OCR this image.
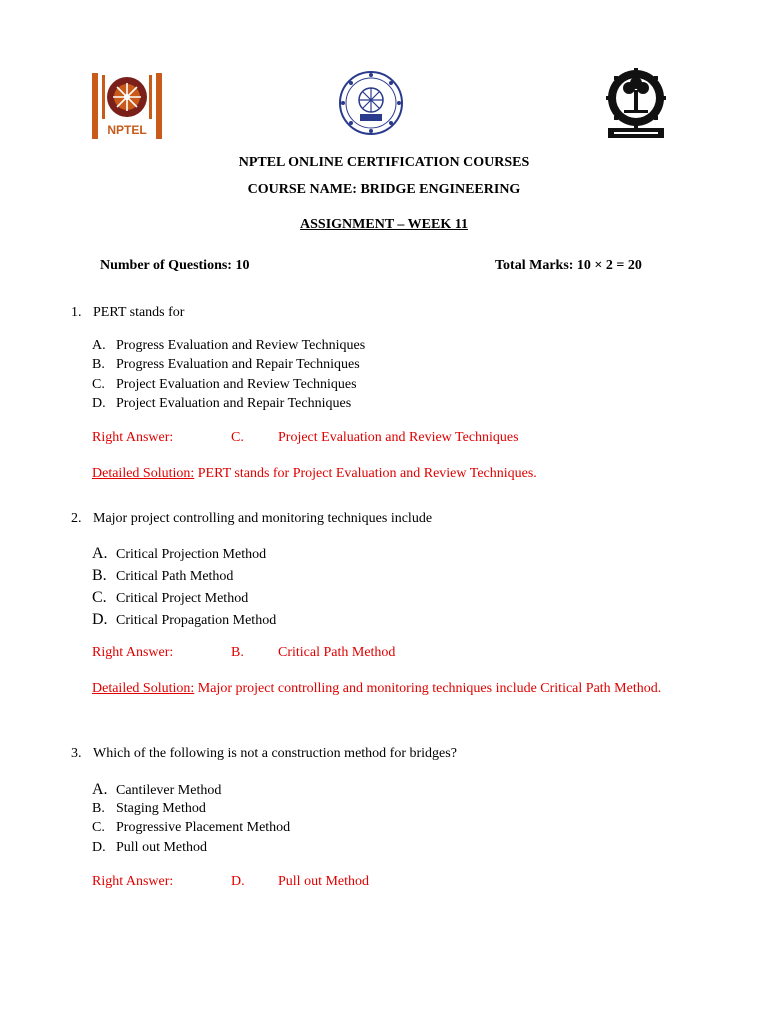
NPTEL
NPTEL ONLINE CERTIFICATION COURSES
COURSE NAME: BRIDGE ENGINEERING
ASSIGNMENT – WEEK 11
Number of Questions: 10	Total Marks: 10 × 2 = 20
1. PERT stands for
A. Progress Evaluation and Review Techniques
B. Progress Evaluation and Repair Techniques
C. Project Evaluation and Review Techniques
D. Project Evaluation and Repair Techniques
Right Answer:	C. Project Evaluation and Review Techniques
Detailed Solution: PERT stands for Project Evaluation and Review Techniques.
2. Major project controlling and monitoring techniques include
A. Critical Projection Method
B. Critical Path Method
C. Critical Project Method
D. Critical Propagation Method
Right Answer:	B. Critical Path Method
Detailed Solution: Major project controlling and monitoring techniques include Critical Path Method.
3. Which of the following is not a construction method for bridges?
A. Cantilever Method
B. Staging Method
C. Progressive Placement Method
D. Pull out Method
Right Answer:	D. Pull out Method
